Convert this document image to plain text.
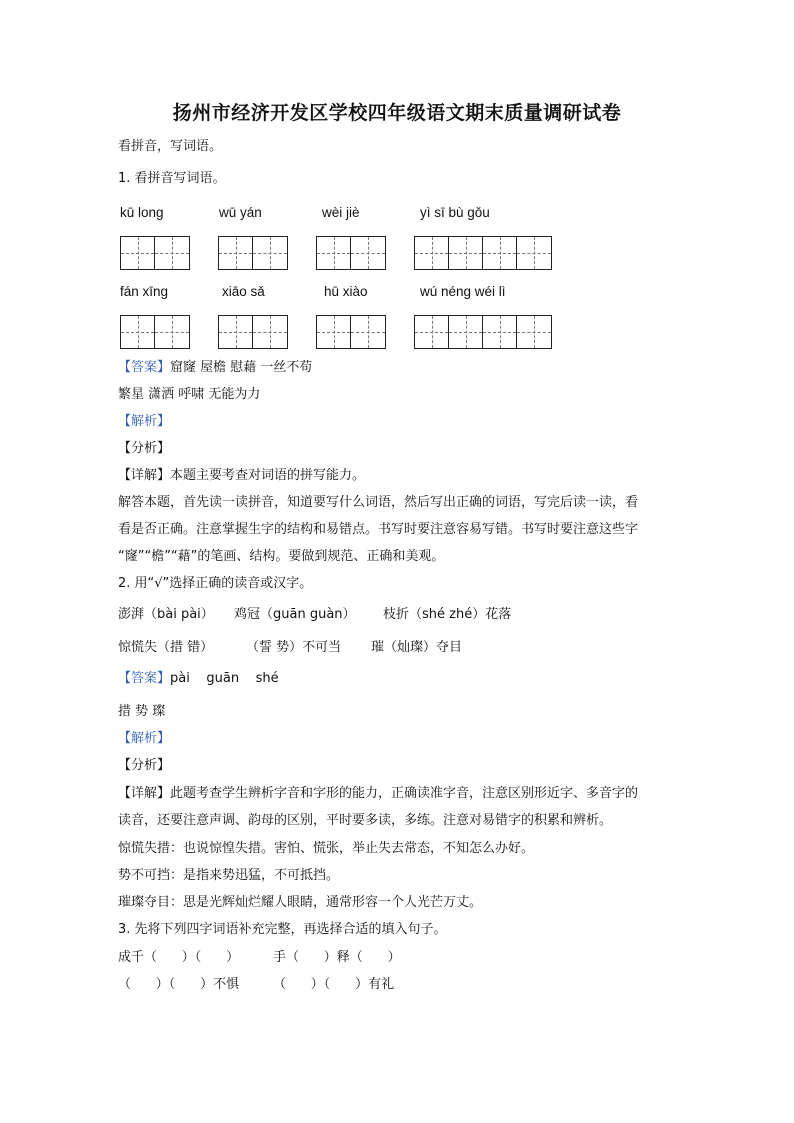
扬州市经济开发区学校四年级语文期末质量调研试卷
看拼音，写词语。
1. 看拼音写词语。
kū long	wū yán	wèi jiè	yì sī bù gǒu
fán xīng	xiāo sǎ	hū xiào	wú néng wéi lì
【答案】窟窿 屋檐 慰藉 一丝不苟
繁星 潇洒 呼啸 无能为力
【解析】
【分析】
【详解】本题主要考查对词语的拼写能力。
解答本题，首先读一读拼音，知道要写什么词语，然后写出正确的词语，写完后读一读，看
看是否正确。注意掌握生字的结构和易错点。书写时要注意容易写错。书写时要注意这些字
“窿”“檐”“藉”的笔画、结构。要做到规范、正确和美观。
2. 用“√”选择正确的读音或汉字。
澎湃（bài pài） 鸡冠（guān guàn） 枝折（shé zhé）花落
惊慌失（措 错）	（誓 势）不可当 璀（灿璨）夺目
【答案】pài    guān    shé
措 势 璨
【解析】
【分析】
【详解】此题考查学生辨析字音和字形的能力，正确读准字音，注意区别形近字、多音字的
读音，还要注意声调、韵母的区别，平时要多读，多练。注意对易错字的积累和辨析。
惊慌失措：也说惊惶失措。害怕、慌张，举止失去常态，不知怎么办好。
势不可挡：是指来势迅猛，不可抵挡。
璀璨夺目：思是光辉灿烂耀人眼睛，通常形容一个人光芒万丈。
3. 先将下列四字词语补充完整，再选择合适的填入句子。
成千（      ）（      ）	手（      ）释（      ）
（      ）（      ）不惧	（      ）（      ）有礼
